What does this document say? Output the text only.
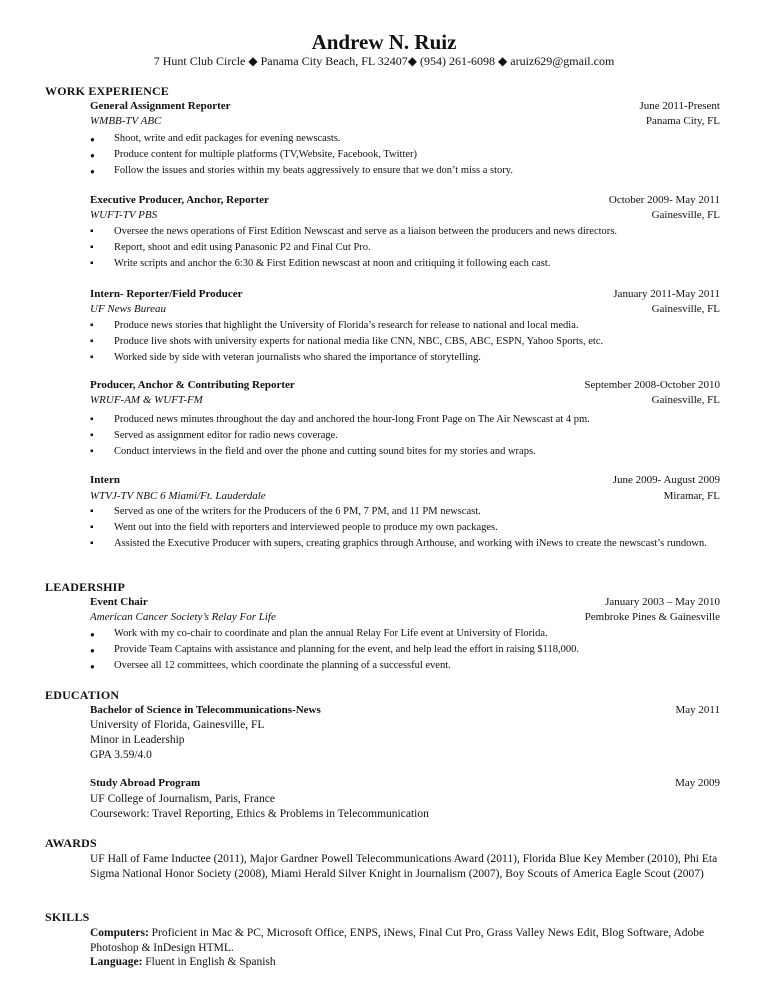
Andrew N. Ruiz
7 Hunt Club Circle ◆ Panama City Beach, FL 32407◆ (954) 261-6098 ◆ aruiz629@gmail.com
WORK EXPERIENCE
General Assignment Reporter	June 2011-Present
WMBB-TV ABC	Panama City, FL
● Shoot, write and edit packages for evening newscasts.
● Produce content for multiple platforms (TV,Website, Facebook, Twitter)
● Follow the issues and stories within my beats aggressively to ensure that we don’t miss a story.
Executive Producer, Anchor, Reporter	October 2009- May 2011
WUFT-TV PBS	Gainesville, FL
▪ Oversee the news operations of First Edition Newscast and serve as a liaison between the producers and news directors.
▪ Report, shoot and edit using Panasonic P2 and Final Cut Pro.
▪ Write scripts and anchor the 6:30 & First Edition newscast at noon and critiquing it following each cast.
Intern- Reporter/Field Producer	January 2011-May 2011
UF News Bureau	Gainesville, FL
▪ Produce news stories that highlight the University of Florida’s research for release to national and local media.
▪ Produce live shots with university experts for national media like CNN, NBC, CBS, ABC, ESPN, Yahoo Sports, etc.
▪ Worked side by side with veteran journalists who shared the importance of storytelling.
Producer, Anchor & Contributing Reporter	September 2008-October 2010
WRUF-AM & WUFT-FM	Gainesville, FL
▪ Produced news minutes throughout the day and anchored the hour-long Front Page on The Air Newscast at 4 pm.
▪ Served as assignment editor for radio news coverage.
▪ Conduct interviews in the field and over the phone and cutting sound bites for my stories and wraps.
Intern	June 2009- August 2009
WTVJ-TV NBC 6 Miami/Ft. Lauderdale	Miramar, FL
▪ Served as one of the writers for the Producers of the 6 PM, 7 PM, and 11 PM newscast.
▪ Went out into the field with reporters and interviewed people to produce my own packages.
▪ Assisted the Executive Producer with supers, creating graphics through Arthouse, and working with iNews to create the newscast’s rundown.
LEADERSHIP
Event Chair	January 2003 – May 2010
American Cancer Society’s Relay For Life	Pembroke Pines & Gainesville
● Work with my co-chair to coordinate and plan the annual Relay For Life event at University of Florida.
● Provide Team Captains with assistance and planning for the event, and help lead the effort in raising $118,000.
● Oversee all 12 committees, which coordinate the planning of a successful event.
EDUCATION
Bachelor of Science in Telecommunications-News	May 2011
University of Florida, Gainesville, FL
Minor in Leadership
GPA 3.59/4.0
Study Abroad Program	May 2009
UF College of Journalism, Paris, France
Coursework: Travel Reporting, Ethics & Problems in Telecommunication
AWARDS
UF Hall of Fame Inductee (2011), Major Gardner Powell Telecommunications Award (2011), Florida Blue Key Member (2010), Phi Eta Sigma National Honor Society (2008), Miami Herald Silver Knight in Journalism (2007), Boy Scouts of America Eagle Scout (2007)
SKILLS
Computers: Proficient in Mac & PC, Microsoft Office, ENPS, iNews, Final Cut Pro, Grass Valley News Edit, Blog Software, Adobe Photoshop & InDesign HTML.
Language: Fluent in English & Spanish
